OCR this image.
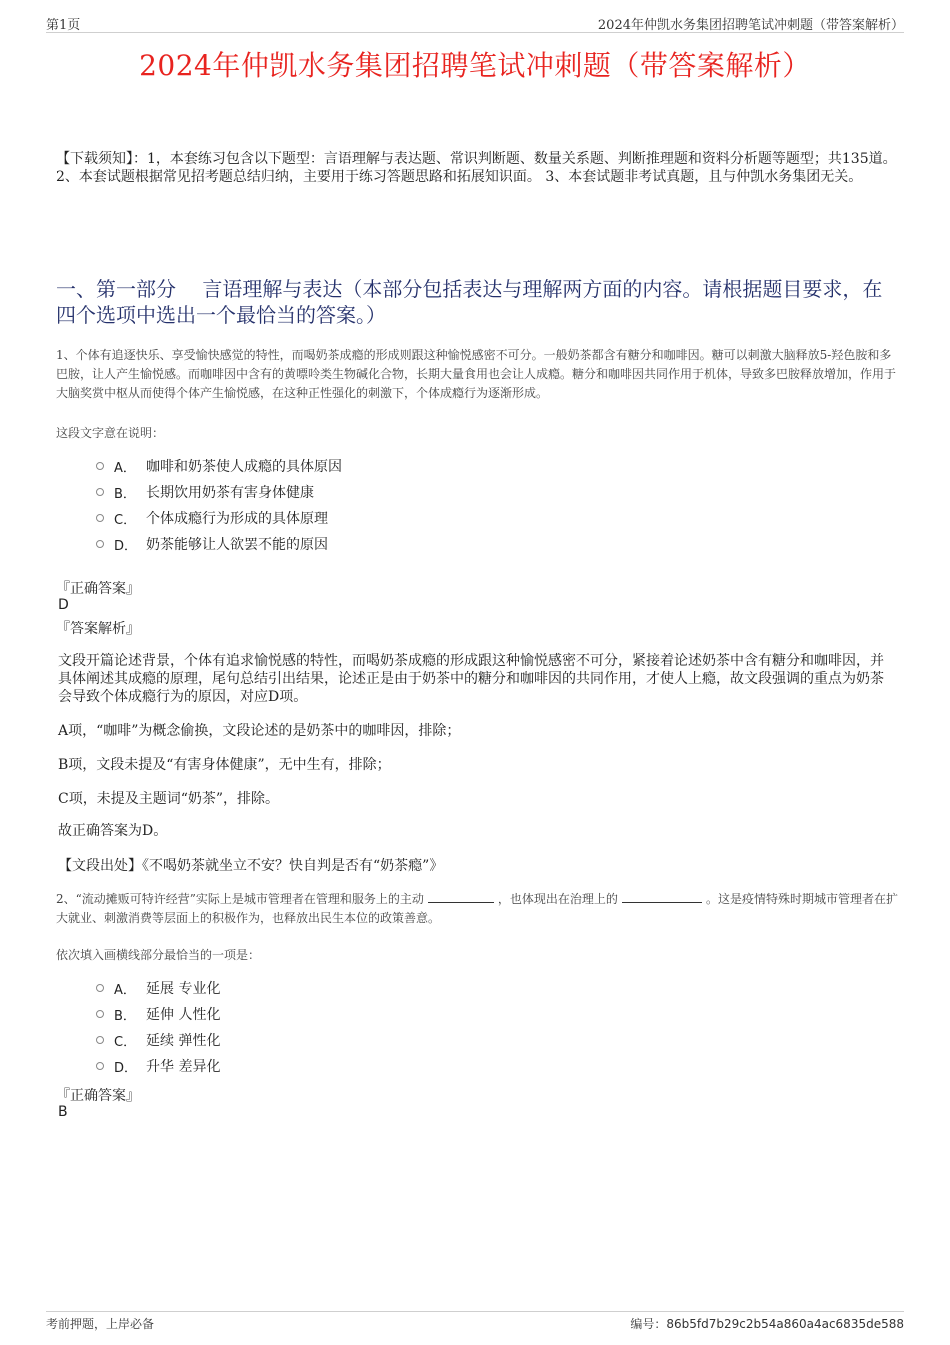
第1页	2024年仲凯水务集团招聘笔试冲刺题（带答案解析）
2024年仲凯水务集团招聘笔试冲刺题（带答案解析）
【下载须知】：1，本套练习包含以下题型：言语理解与表达题、常识判断题、数量关系题、判断推理题和资料分析题等题型；共135道。 2、本套试题根据常见招考题总结归纳，主要用于练习答题思路和拓展知识面。 3、本套试题非考试真题，且与仲凯水务集团无关。
一、第一部分　 言语理解与表达（本部分包括表达与理解两方面的内容。请根据题目要求，在四个选项中选出一个最恰当的答案。）
1、个体有追逐快乐、享受愉快感觉的特性，而喝奶茶成瘾的形成则跟这种愉悦感密不可分。一般奶茶都含有糖分和咖啡因。糖可以刺激大脑释放5-羟色胺和多巴胺，让人产生愉悦感。而咖啡因中含有的黄嘌呤类生物碱化合物，长期大量食用也会让人成瘾。糖分和咖啡因共同作用于机体，导致多巴胺释放增加，作用于大脑奖赏中枢从而使得个体产生愉悦感，在这种正性强化的刺激下，个体成瘾行为逐渐形成。
这段文字意在说明：
A． 咖啡和奶茶使人成瘾的具体原因
B． 长期饮用奶茶有害身体健康
C． 个体成瘾行为形成的具体原理
D． 奶茶能够让人欲罢不能的原因
『正确答案』
D
『答案解析』
文段开篇论述背景，个体有追求愉悦感的特性，而喝奶茶成瘾的形成跟这种愉悦感密不可分，紧接着论述奶茶中含有糖分和咖啡因，并具体阐述其成瘾的原理，尾句总结引出结果，论述正是由于奶茶中的糖分和咖啡因的共同作用，才使人上瘾，故文段强调的重点为奶茶会导致个体成瘾行为的原因，对应D项。
A项，“咖啡”为概念偷换，文段论述的是奶茶中的咖啡因，排除；
B项，文段未提及“有害身体健康”，无中生有，排除；
C项，未提及主题词“奶茶”，排除。
故正确答案为D。
【文段出处】《不喝奶茶就坐立不安？快自判是否有“奶茶瘾”》
2、“流动摊贩可特许经营”实际上是城市管理者在管理和服务上的主动	，也体现出在治理上的	。这是疫情特殊时期城市管理者在扩大就业、刺激消费等层面上的积极作为，也释放出民生本位的政策善意。
依次填入画横线部分最恰当的一项是：
A． 延展 专业化
B． 延伸 人性化
C． 延续 弹性化
D． 升华 差异化
『正确答案』
B
考前押题，上岸必备	编号：86b5fd7b29c2b54a860a4ac6835de588
